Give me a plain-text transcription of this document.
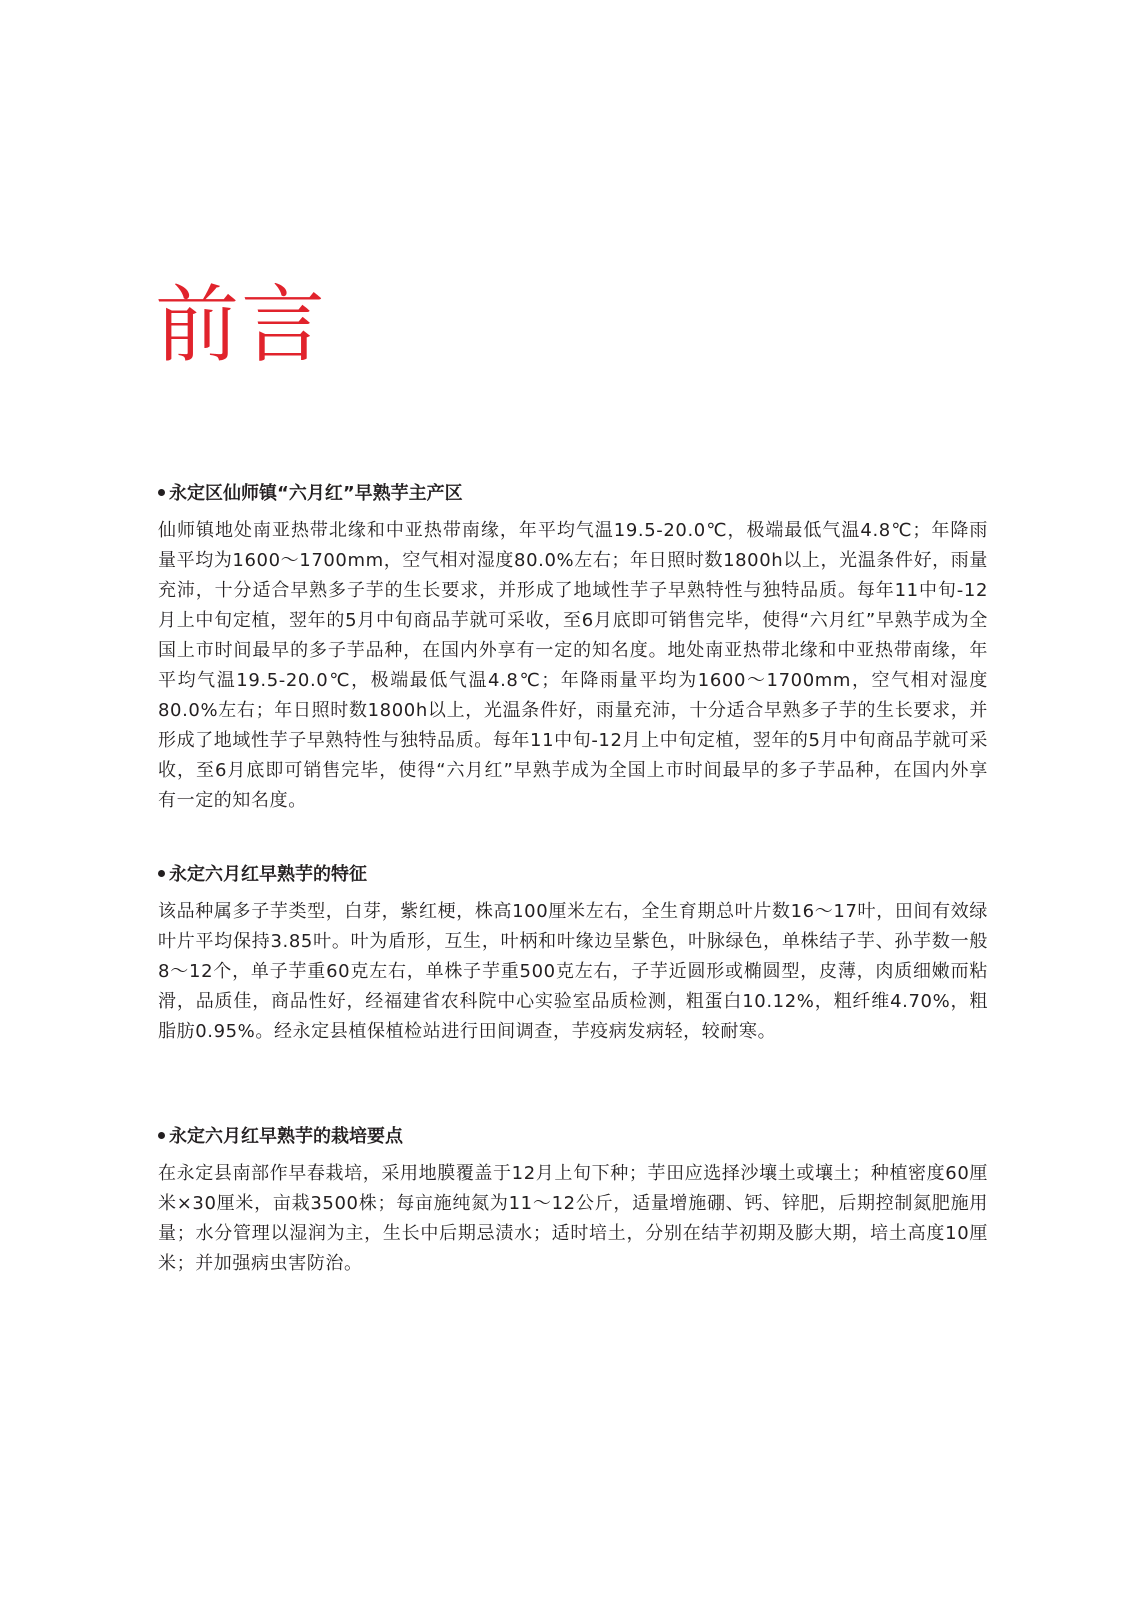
前言
永定区仙师镇“六月红”早熟芋主产区

仙师镇地处南亚热带北缘和中亚热带南缘，年平均气温19.5-20.0℃，极端最低气温4.8℃；年降雨量平均为1600～1700mm，空气相对湿度80.0%左右；年日照时数1800h以上，光温条件好，雨量充沛，十分适合早熟多子芋的生长要求，并形成了地域性芋子早熟特性与独特品质。每年11中旬-12月上中旬定植，翌年的5月中旬商品芋就可采收，至6月底即可销售完毕，使得“六月红”早熟芋成为全国上市时间最早的多子芋品种，在国内外享有一定的知名度。地处南亚热带北缘和中亚热带南缘，年平均气温19.5-20.0℃，极端最低气温4.8℃；年降雨量平均为1600～1700mm，空气相对湿度80.0%左右；年日照时数1800h以上，光温条件好，雨量充沛，十分适合早熟多子芋的生长要求，并形成了地域性芋子早熟特性与独特品质。每年11中旬-12月上中旬定植，翌年的5月中旬商品芋就可采收，至6月底即可销售完毕，使得“六月红”早熟芋成为全国上市时间最早的多子芋品种，在国内外享有一定的知名度。

永定六月红早熟芋的特征

该品种属多子芋类型，白芽，紫红梗，株高100厘米左右，全生育期总叶片数16～17叶，田间有效绿叶片平均保持3.85叶。叶为盾形，互生，叶柄和叶缘边呈紫色，叶脉绿色，单株结子芋、孙芋数一般8～12个，单子芋重60克左右，单株子芋重500克左右，子芋近圆形或椭圆型，皮薄，肉质细嫩而粘滑，品质佳，商品性好，经福建省农科院中心实验室品质检测，粗蛋白10.12%，粗纤维4.70%，粗脂肪0.95%。经永定县植保植检站进行田间调查，芋疫病发病轻，较耐寒。

永定六月红早熟芋的栽培要点

在永定县南部作早春栽培，采用地膜覆盖于12月上旬下种；芋田应选择沙壤土或壤土；种植密度60厘米×30厘米，亩栽3500株；每亩施纯氮为11～12公斤，适量增施硼、钙、锌肥，后期控制氮肥施用量；水分管理以湿润为主，生长中后期忌渍水；适时培土，分别在结芋初期及膨大期，培土高度10厘米；并加强病虫害防治。
